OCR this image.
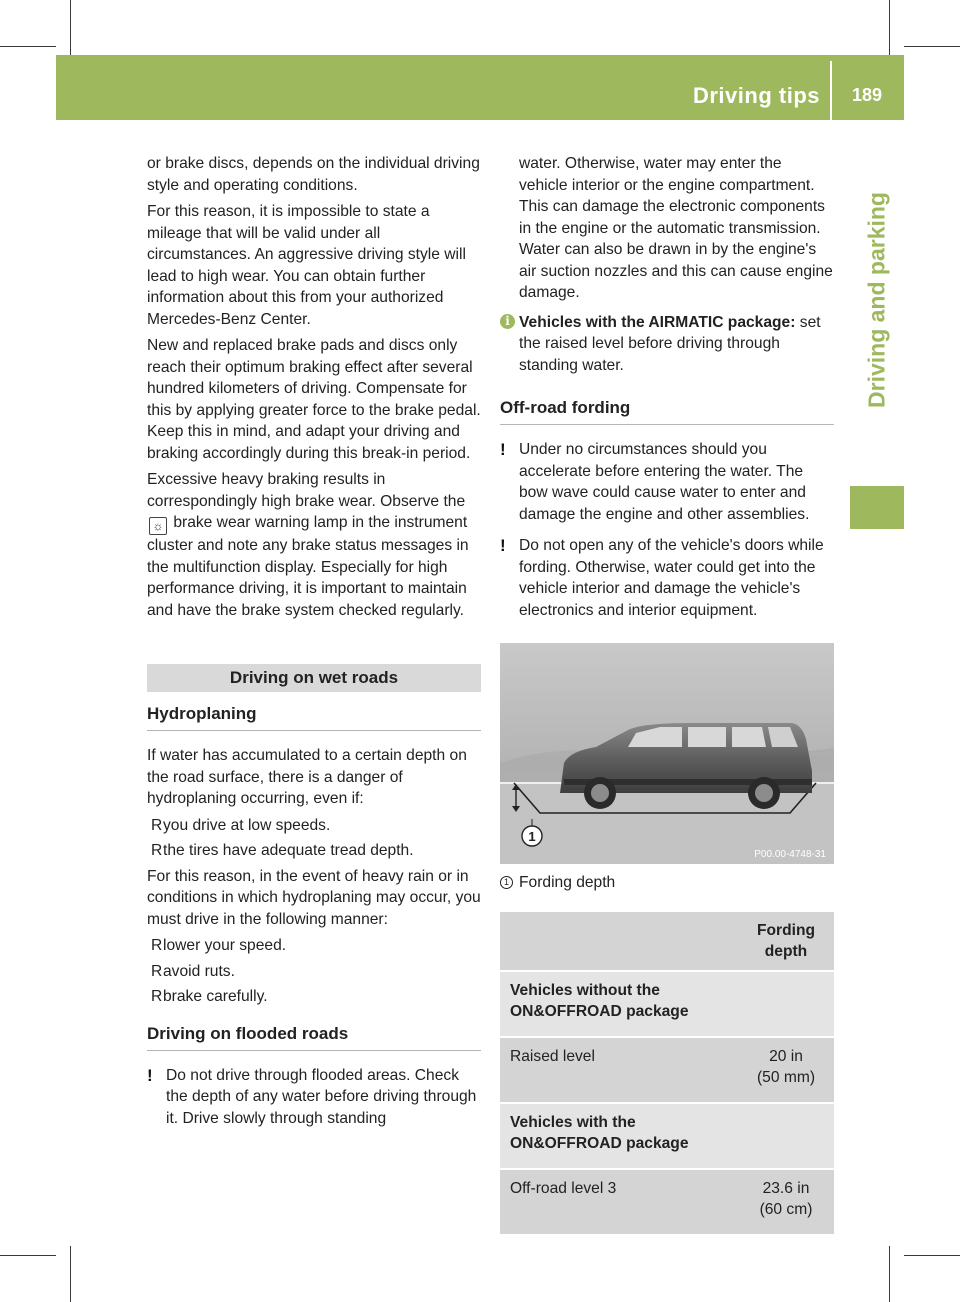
Driving tips 189
Driving and parking

or brake discs, depends on the individual driving style and operating conditions.

For this reason, it is impossible to state a mileage that will be valid under all circumstances. An aggressive driving style will lead to high wear. You can obtain further information about this from your authorized Mercedes-Benz Center.

New and replaced brake pads and discs only reach their optimum braking effect after several hundred kilometers of driving. Compensate for this by applying greater force to the brake pedal. Keep this in mind, and adapt your driving and braking accordingly during this break-in period.

Excessive heavy braking results in correspondingly high brake wear. Observe the ☼ brake wear warning lamp in the instrument cluster and note any brake status messages in the multifunction display. Especially for high performance driving, it is important to maintain and have the brake system checked regularly.

Driving on wet roads
Hydroplaning

If water has accumulated to a certain depth on the road surface, there is a danger of hydroplaning occurring, even if:

R you drive at low speeds.
R the tires have adequate tread depth.

For this reason, in the event of heavy rain or in conditions in which hydroplaning may occur, you must drive in the following manner:

R lower your speed.
R avoid ruts.
R brake carefully.
Driving on flooded roads
! Do not drive through flooded areas. Check the depth of any water before driving through it. Drive slowly through standing

water. Otherwise, water may enter the vehicle interior or the engine compartment. This can damage the electronic components in the engine or the automatic transmission. Water can also be drawn in by the engine's air suction nozzles and this can cause engine damage.

i Vehicles with the AIRMATIC package: set the raised level before driving through standing water.
Off-road fording
! Under no circumstances should you accelerate before entering the water. The bow wave could cause water to enter and damage the engine and other assemblies.
! Do not open any of the vehicle's doors while fording. Otherwise, water could get into the vehicle interior and damage the vehicle's electronics and interior equipment.
1
P00.00-4748-31
1 Fording depth

	Fording
depth

Vehicles without the
ON&OFFROAD package	

Raised level	20 in
(50 mm)

Vehicles with the
ON&OFFROAD package	

Off-road level 3	23.6 in
(60 cm)
